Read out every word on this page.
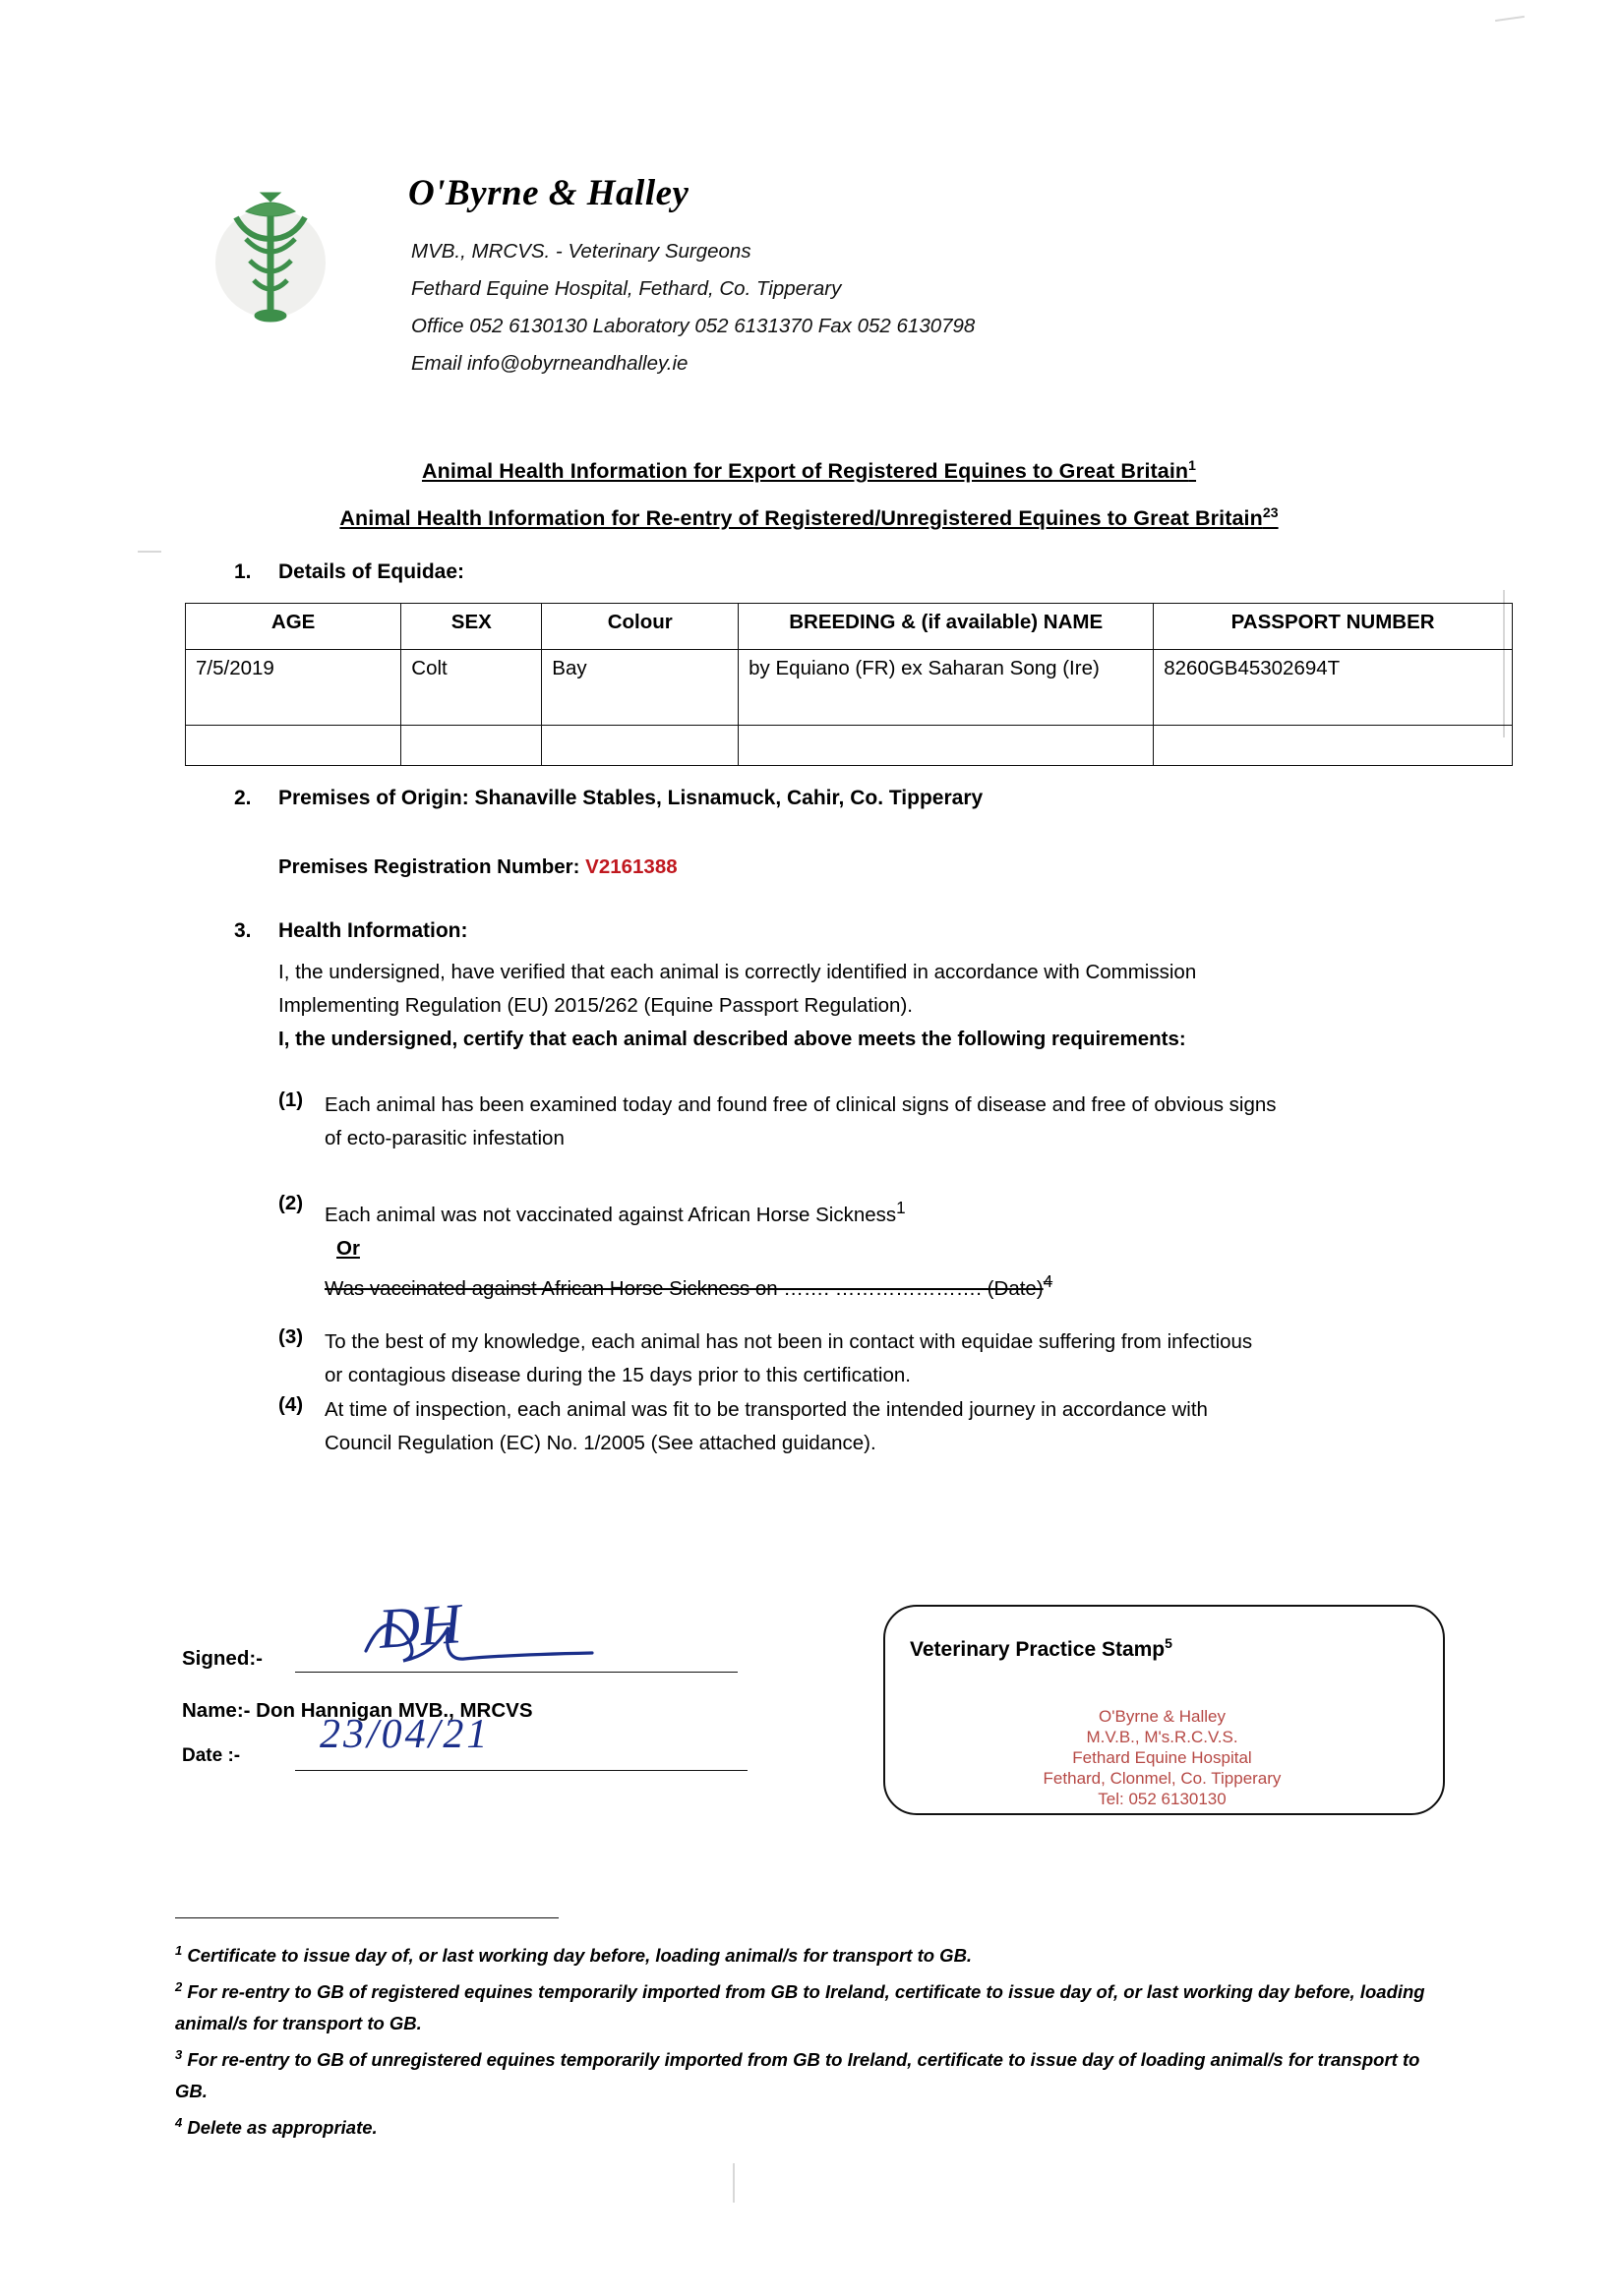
O'Byrne & Halley
MVB., MRCVS. - Veterinary Surgeons
Fethard Equine Hospital, Fethard, Co. Tipperary
Office 052 6130130 Laboratory 052 6131370 Fax 052 6130798
Email info@obyrneandhalley.ie
Animal Health Information for Export of Registered Equines to Great Britain$^1$
Animal Health Information for Re-entry of Registered/Unregistered Equines to Great Britain$^{23}$
1. Details of Equidae:
AGE	SEX	Colour	BREEDING & (if available) NAME	PASSPORT NUMBER
7/5/2019	Colt	Bay	by Equiano (FR) ex Saharan Song (Ire)	8260GB45302694T

2. Premises of Origin: Shanaville Stables, Lisnamuck, Cahir, Co. Tipperary
Premises Registration Number: V2161388
3. Health Information:
I, the undersigned, have verified that each animal is correctly identified in accordance with Commission
Implementing Regulation (EU) 2015/262 (Equine Passport Regulation).
I, the undersigned, certify that each animal described above meets the following requirements:
(1) Each animal has been examined today and found free of clinical signs of disease and free of obvious signs
of ecto-parasitic infestation
(2)
Each animal was not vaccinated against African Horse Sickness$^1$
Or
Was vaccinated against African Horse Sickness on ……. …………………. (Date)$^4$
(3) To the best of my knowledge, each animal has not been in contact with equidae suffering from infectious
or contagious disease during the 15 days prior to this certification.
(4) At time of inspection, each animal was fit to be transported the intended journey in accordance with
Council Regulation (EC) No. 1/2005 (See attached guidance).
Signed:- DH
Name:- Don Hannigan MVB., MRCVS
Date :- 23/04/21
Veterinary Practice Stamp$^5$
O'Byrne & Halley
M.V.B., M's.R.C.V.S.
Fethard Equine Hospital
Fethard, Clonmel, Co. Tipperary
Tel: 052 6130130
$^1$ Certificate to issue day of, or last working day before, loading animal/s for transport to GB.
$^2$ For re-entry to GB of registered equines temporarily imported from GB to Ireland, certificate to issue day of, or last working day before, loading animal/s for transport to GB.
$^3$ For re-entry to GB of unregistered equines temporarily imported from GB to Ireland, certificate to issue day of loading animal/s for transport to GB.
$^4$ Delete as appropriate.
